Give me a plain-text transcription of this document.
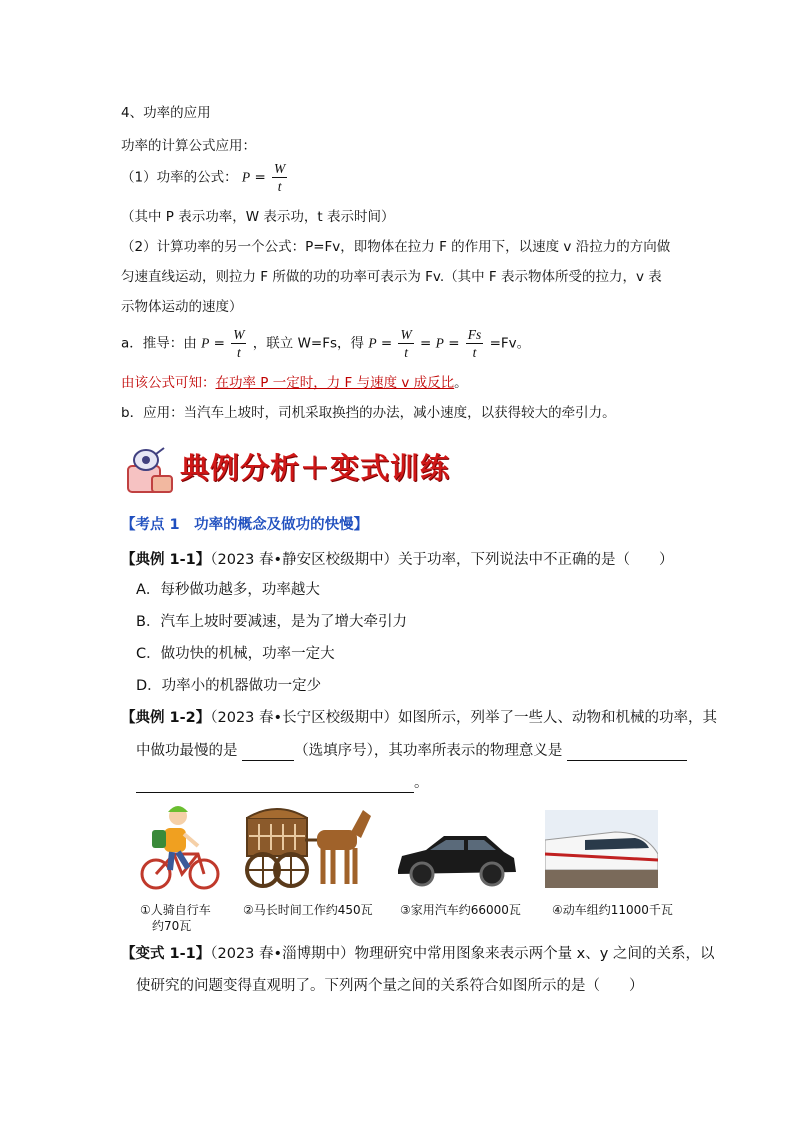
4、功率的应用
功率的计算公式应用：
（1）功率的公式： $P = \frac{W}{t}$
（其中 P 表示功率，W 表示功，t 表示时间）
（2）计算功率的另一个公式：P=Fv，即物体在拉力 F 的作用下，以速度 v 沿拉力的方向做
匀速直线运动，则拉力 F 所做的功的功率可表示为 Fv.（其中 F 表示物体所受的拉力，v 表
示物体运动的速度）
a．推导：由 $P = \frac{W}{t}$ ，联立 W=Fs，得 $P = \frac{W}{t} = P = \frac{Fs}{t} =Fv$。
由该公式可知：在功率 P 一定时，力 F 与速度 v 成反比。
b．应用：当汽车上坡时，司机采取换挡的办法，减小速度，以获得较大的牵引力。
典例分析＋变式训练
【考点 1　功率的概念及做功的快慢】
【典例 1-1】（2023 春•静安区校级期中）关于功率，下列说法中不正确的是（　　）
A．每秒做功越多，功率越大
B．汽车上坡时要减速，是为了增大牵引力
C．做功快的机械，功率一定大
D．功率小的机器做功一定少
【典例 1-2】（2023 春•长宁区校级期中）如图所示，列举了一些人、动物和机械的功率，其
中做功最慢的是	（选填序号），其功率所表示的物理意义是
。
①人骑自行车
约70瓦
②马长时间工作约450瓦 ③家用汽车约66000瓦	④动车组约11000千瓦
【变式 1-1】（2023 春•淄博期中）物理研究中常用图象来表示两个量 x、y 之间的关系，以
使研究的问题变得直观明了。下列两个量之间的关系符合如图所示的是（　　）
